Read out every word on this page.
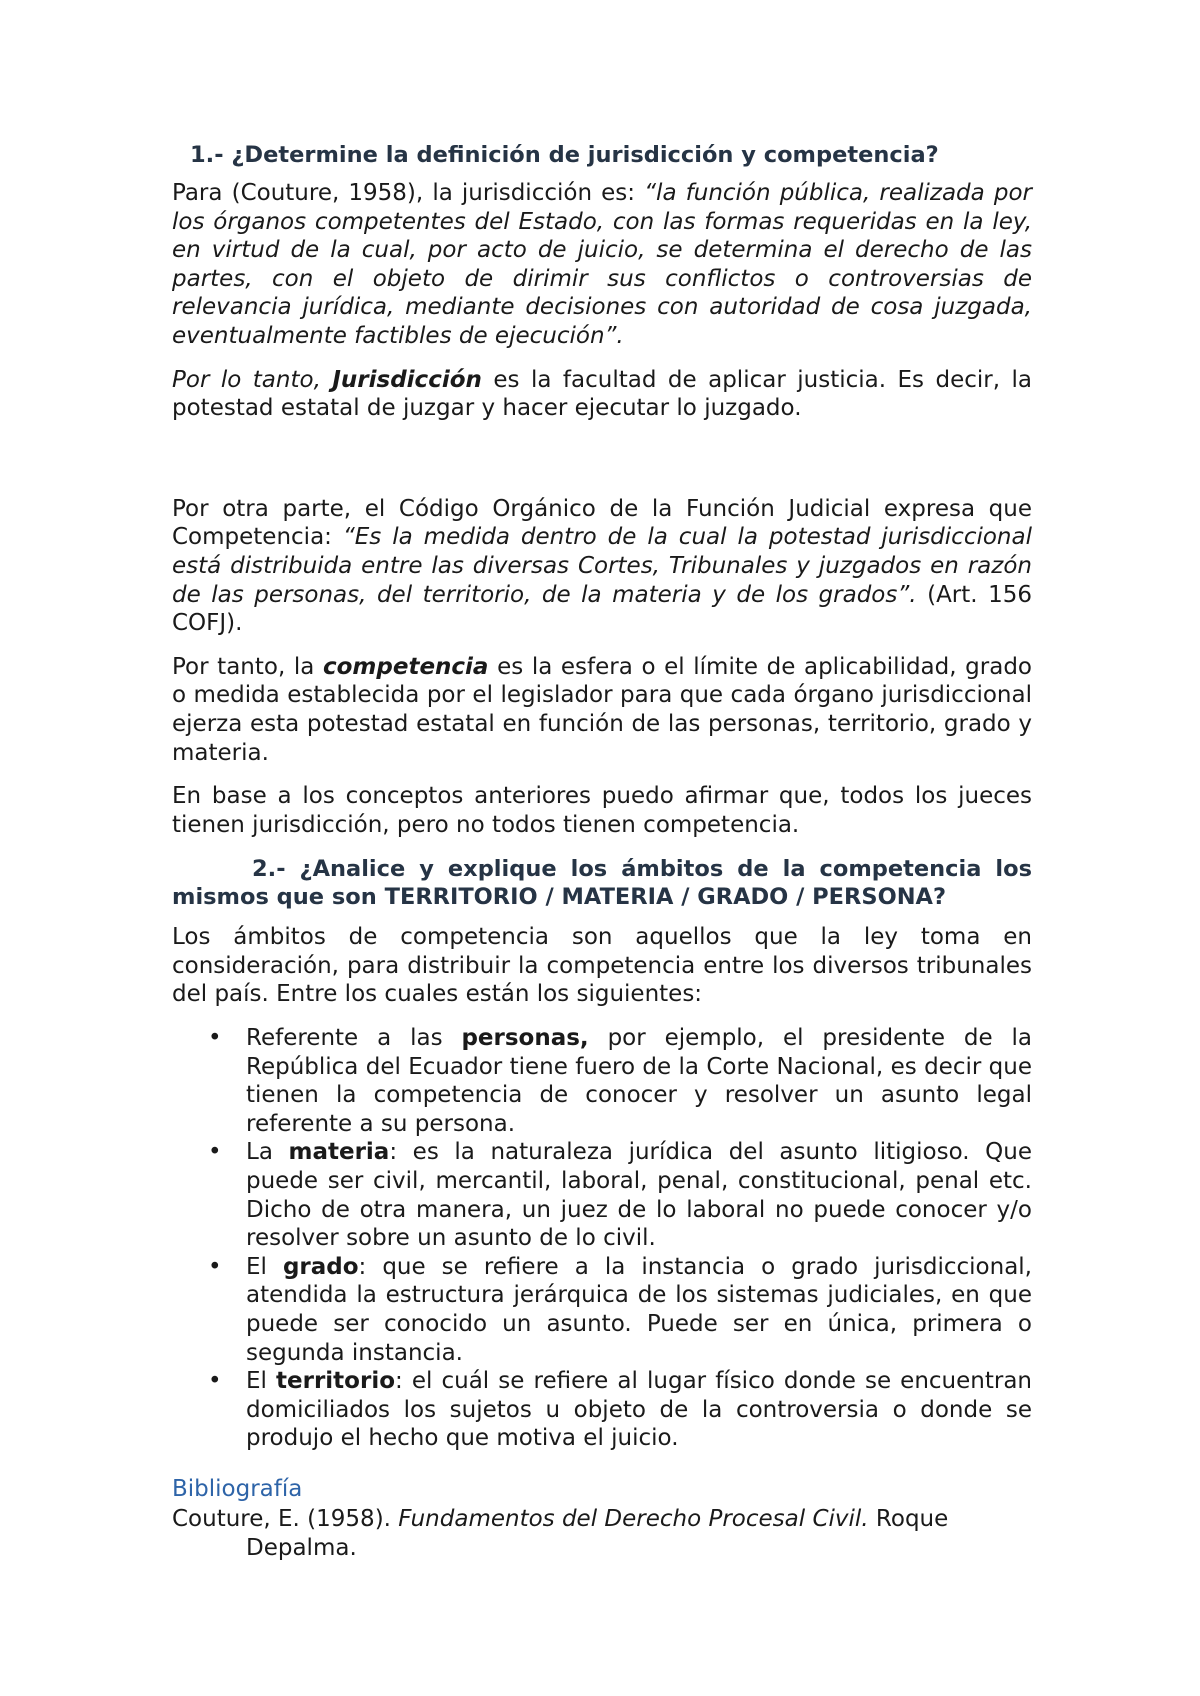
1.- ¿Determine la definición de jurisdicción y competencia?

Para (Couture, 1958), la jurisdicción es: “la función pública, realizada por los órganos competentes del Estado, con las formas requeridas en la ley, en virtud de la cual, por acto de juicio, se determina el derecho de las partes, con el objeto de dirimir sus conflictos o controversias de relevancia jurídica, mediante decisiones con autoridad de cosa juzgada, eventualmente factibles de ejecución”.

Por lo tanto, Jurisdicción es la facultad de aplicar justicia. Es decir, la potestad estatal de juzgar y hacer ejecutar lo juzgado.

Por otra parte, el Código Orgánico de la Función Judicial expresa que Competencia: “Es la medida dentro de la cual la potestad jurisdiccional está distribuida entre las diversas Cortes, Tribunales y juzgados en razón de las personas, del territorio, de la materia y de los grados”. (Art. 156 COFJ).

Por tanto, la competencia es la esfera o el límite de aplicabilidad, grado o medida establecida por el legislador para que cada órgano jurisdiccional ejerza esta potestad estatal en función de las personas, territorio, grado y materia.

En base a los conceptos anteriores puedo afirmar que, todos los jueces tienen jurisdicción, pero no todos tienen competencia.

2.- ¿Analice y explique los ámbitos de la competencia los mismos que son TERRITORIO / MATERIA / GRADO / PERSONA?

Los ámbitos de competencia son aquellos que la ley toma en consideración, para distribuir la competencia entre los diversos tribunales del país. Entre los cuales están los siguientes:

• Referente a las personas, por ejemplo, el presidente de la República del Ecuador tiene fuero de la Corte Nacional, es decir que tienen la competencia de conocer y resolver un asunto legal referente a su persona.
• La materia: es la naturaleza jurídica del asunto litigioso. Que puede ser civil, mercantil, laboral, penal, constitucional, penal etc. Dicho de otra manera, un juez de lo laboral no puede conocer y/o resolver sobre un asunto de lo civil.
• El grado: que se refiere a la instancia o grado jurisdiccional, atendida la estructura jerárquica de los sistemas judiciales, en que puede ser conocido un asunto. Puede ser en única, primera o segunda instancia.
• El territorio: el cuál se refiere al lugar físico donde se encuentran domiciliados los sujetos u objeto de la controversia o donde se produjo el hecho que motiva el juicio.

Bibliografía

Couture, E. (1958). Fundamentos del Derecho Procesal Civil. Roque Depalma.
